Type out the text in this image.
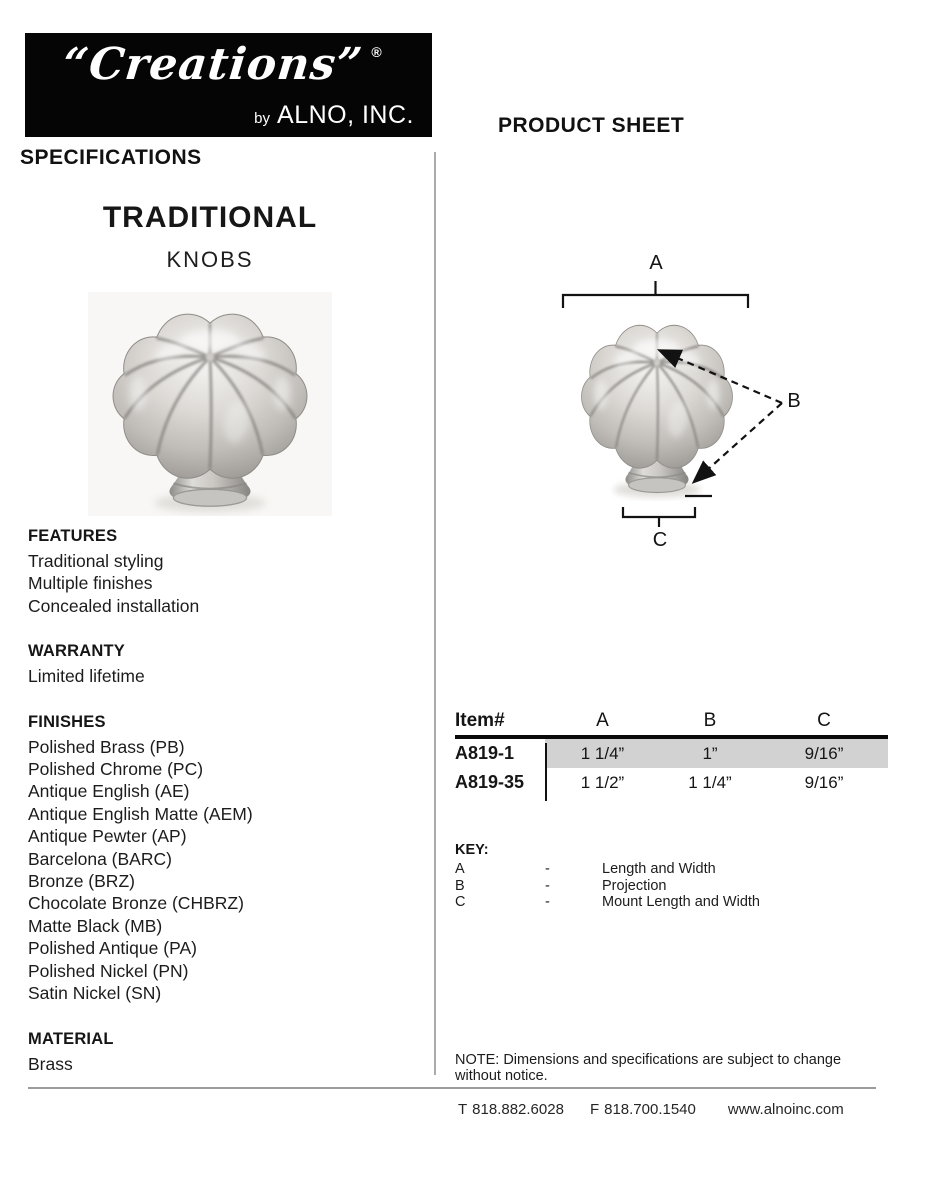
“Creations” ®
by ALNO, INC.
SPECIFICATIONS
PRODUCT SHEET
TRADITIONAL
KNOBS
FEATURES
Traditional styling
Multiple finishes
Concealed installation
WARRANTY
Limited lifetime
FINISHES
Polished Brass (PB)
Polished Chrome (PC)
Antique English (AE)
Antique English Matte (AEM)
Antique Pewter (AP)
Barcelona (BARC)
Bronze (BRZ)
Chocolate Bronze (CHBRZ)
Matte Black (MB)
Polished Antique (PA)
Polished Nickel (PN)
Satin Nickel (SN)
MATERIAL
Brass
A
B
C
Item#	A	B	C
A819-1	1 1/4”	1”	9/16”
A819-35	1 1/2”	1 1/4”	9/16”
KEY:
A	-	Length and Width
B	-	Projection
C	-	Mount Length and Width
NOTE: Dimensions and specifications are subject to change without notice.
T 818.882.6028 F 818.700.1540 www.alnoinc.com
